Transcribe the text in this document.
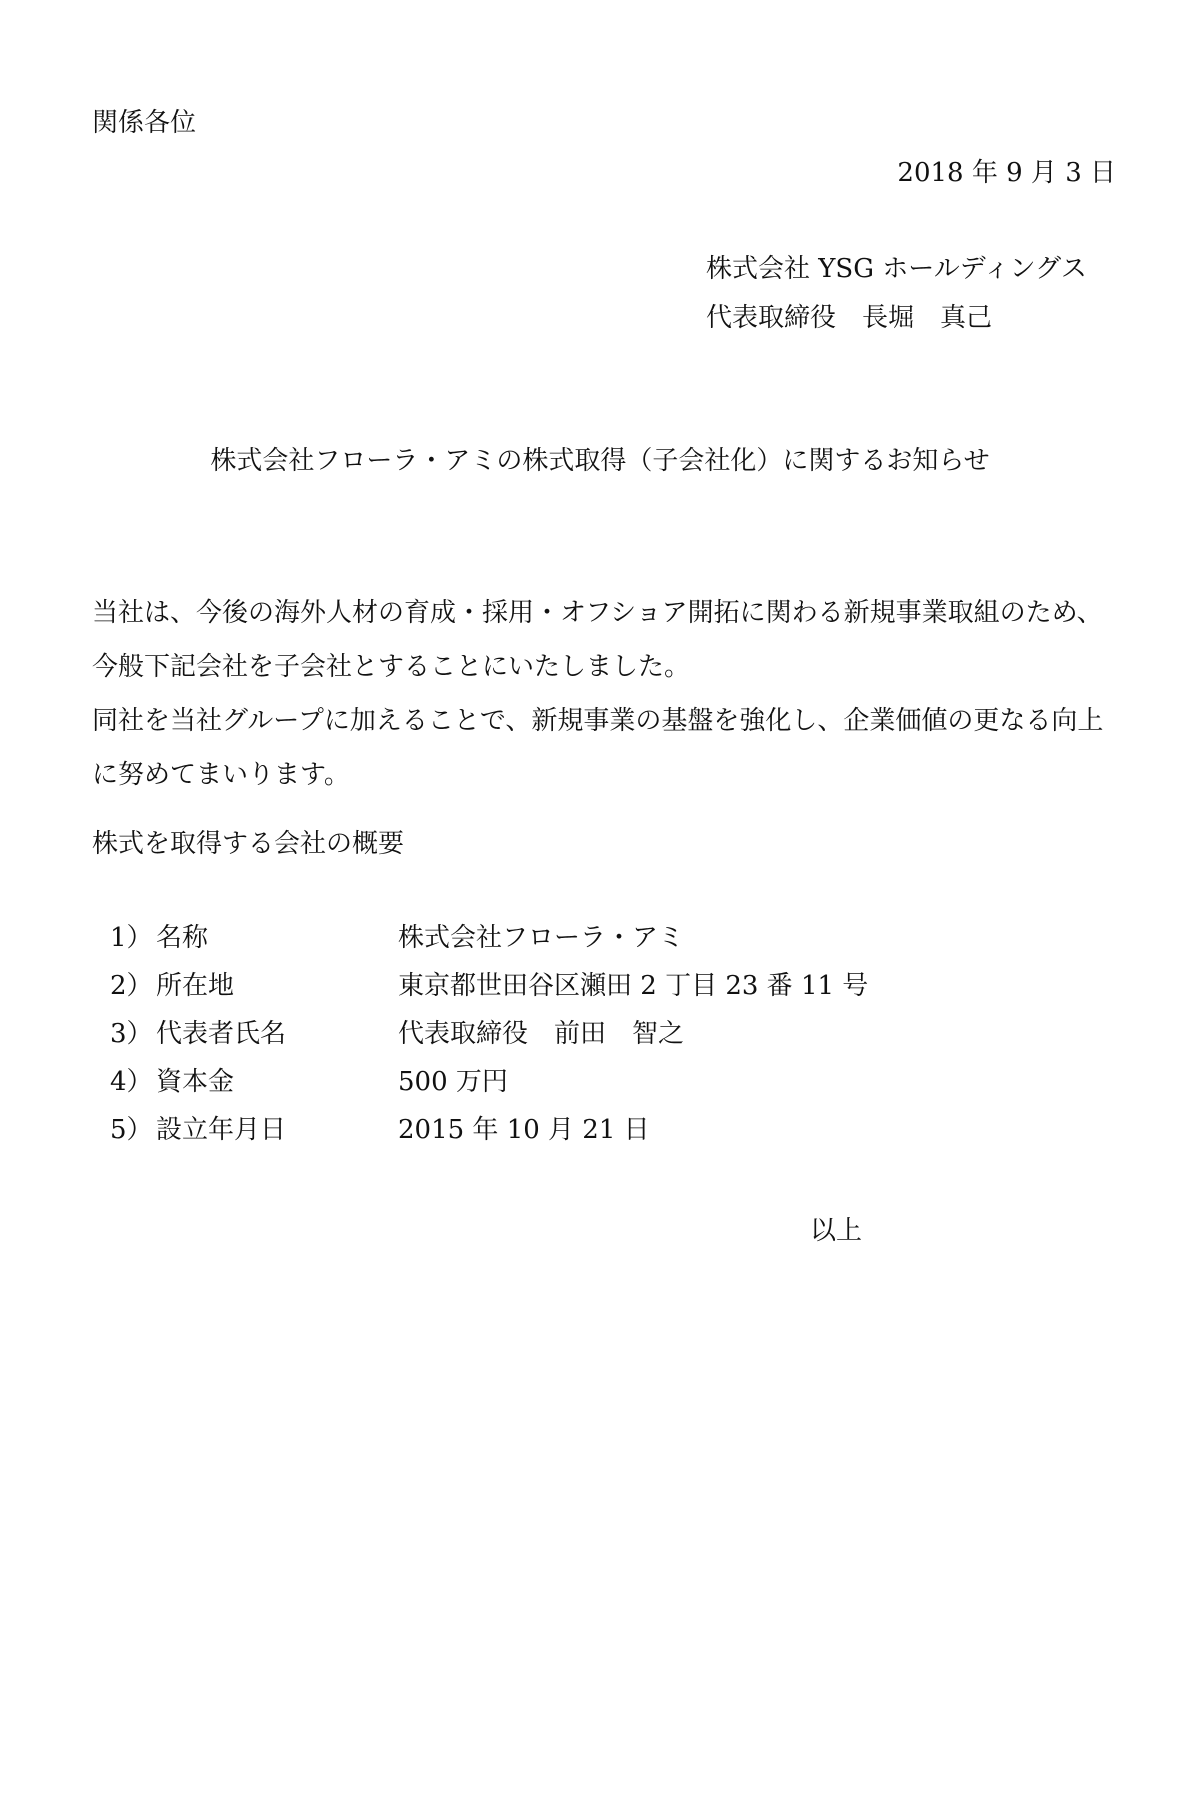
関係各位
2018 年 9 月 3 日
株式会社 YSG ホールディングス
代表取締役　長堀　真己
株式会社フローラ・アミの株式取得（子会社化）に関するお知らせ

当社は、今後の海外人材の育成・採用・オフショア開拓に関わる新規事業取組のため、今般下記会社を子会社とすることにいたしました。

同社を当社グループに加えることで、新規事業の基盤を強化し、企業価値の更なる向上に努めてまいります。

株式を取得する会社の概要
1） 名称	株式会社フローラ・アミ
2） 所在地	東京都世田谷区瀬田 2 丁目 23 番 11 号
3） 代表者氏名	代表取締役　前田　智之
4） 資本金	500 万円
5） 設立年月日	2015 年 10 月 21 日
以上
